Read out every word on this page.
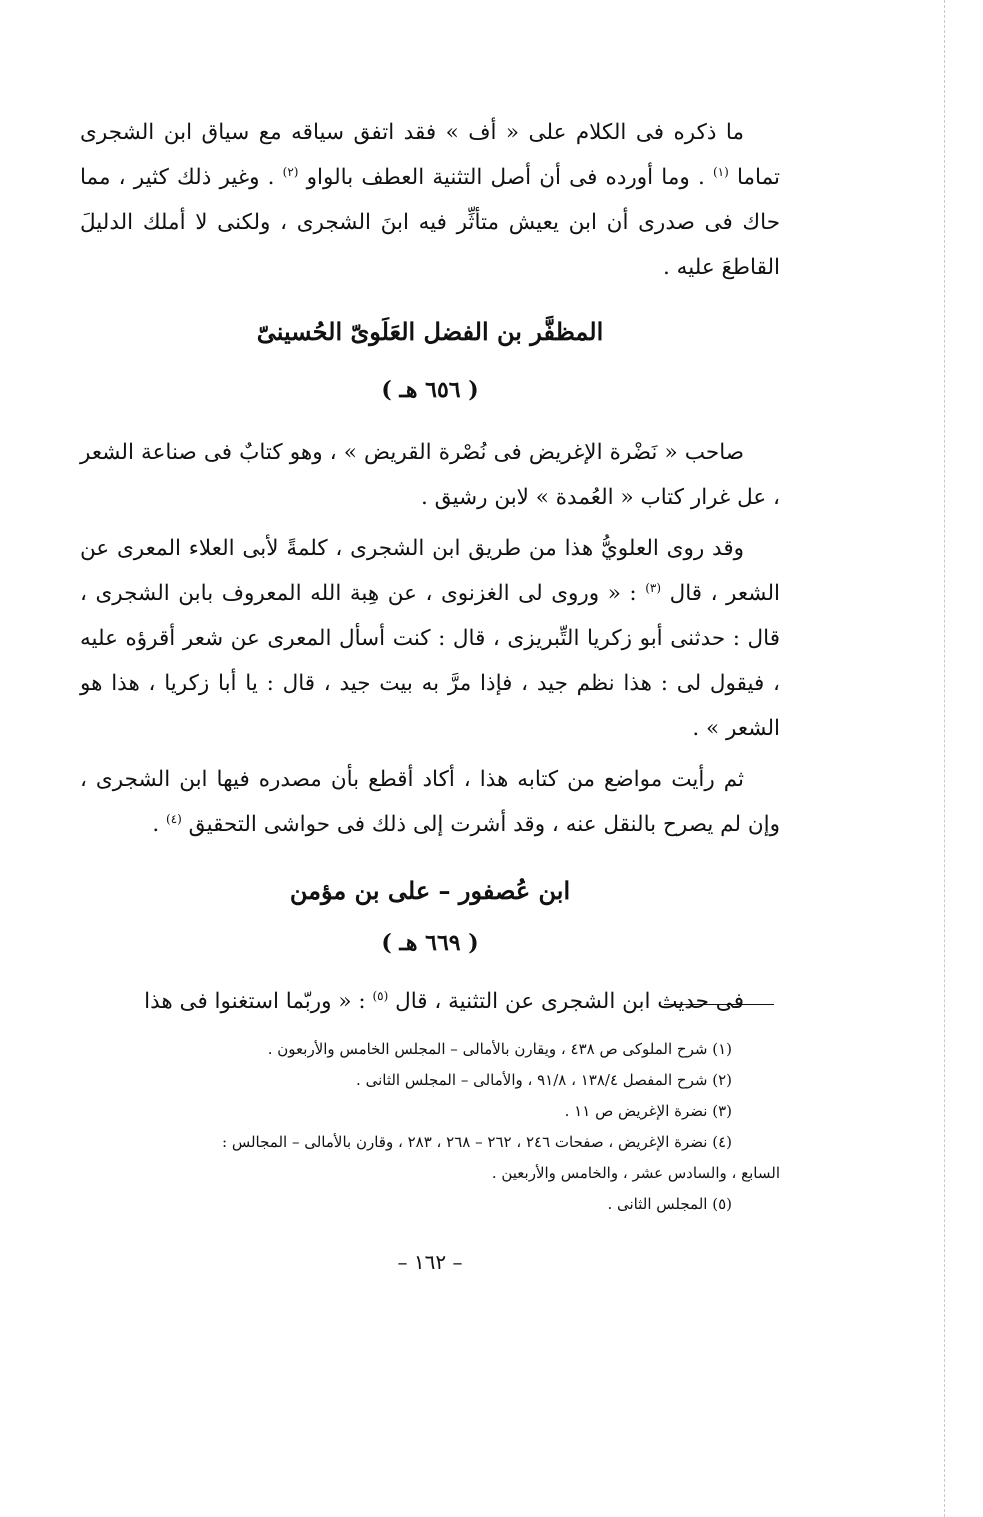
ما ذكره فى الكلام على « أف » فقد اتفق سياقه مع سياق ابن الشجرى تماما $^{(١)}$ . وما أورده فى أن أصل التثنية العطف بالواو $^{(٢)}$ . وغير ذلك كثير ، مما حاك فى صدرى أن ابن يعيش متأثِّر فيه ابنَ الشجرى ، ولكنى لا أملك الدليلَ القاطعَ عليه .

المظفَّر بن الفضل العَلَوىّ الحُسينىّ
( ٦٥٦ هـ )

صاحب « نَضْرة الإغريض فى نُصْرة القريض » ، وهو كتابٌ فى صناعة الشعر ، عل غرار كتاب « العُمدة » لابن رشيق .

وقد روى العلويُّ هذا من طريق ابن الشجرى ، كلمةً لأبى العلاء المعرى عن الشعر ، قال $^{(٣)}$ : « وروى لى الغزنوى ، عن هِبة الله المعروف بابن الشجرى ، قال : حدثنى أبو زكريا التِّبريزى ، قال : كنت أسأل المعرى عن شعر أقرؤه عليه ، فيقول لى : هذا نظم جيد ، فإذا مرَّ به بيت جيد ، قال : يا أبا زكريا ، هذا هو الشعر » .

ثم رأيت مواضع من كتابه هذا ، أكاد أقطع بأن مصدره فيها ابن الشجرى ، وإن لم يصرح بالنقل عنه ، وقد أشرت إلى ذلك فى حواشى التحقيق $^{(٤)}$ .

ابن عُصفور – على بن مؤمن
( ٦٦٩ هـ )

فى حديث ابن الشجرى عن التثنية ، قال $^{(٥)}$ : « وربّما استغنوا فى هذا

(١) شرح الملوكى ص ٤٣٨ ، ويقارن بالأمالى – المجلس الخامس والأربعون .

(٢) شرح المفصل ١٣٨/٤ ، ٩١/٨ ، والأمالى – المجلس الثانى .

(٣) نضرة الإغريض ص ١١ .

(٤) نضرة الإغريض ، صفحات ٢٤٦ ، ٢٦٢ – ٢٦٨ ، ٢٨٣ ، وقارن بالأمالى – المجالس :

السابع ، والسادس عشر ، والخامس والأربعين .

(٥) المجلس الثانى .

– ١٦٢ –
